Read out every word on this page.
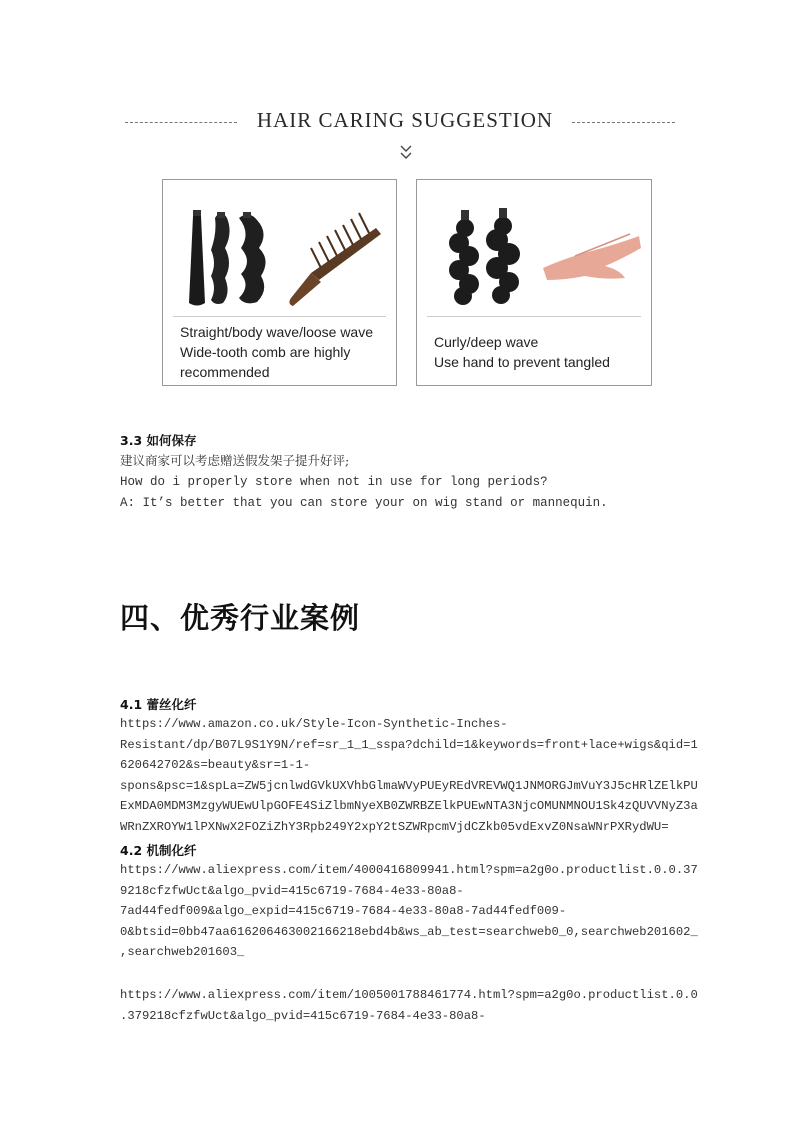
HAIR CARING SUGGESTION
Straight/body wave/loose wave
Wide-tooth comb are highly
recommended
Curly/deep wave
Use hand to prevent tangled
3.3 如何保存
建议商家可以考虑赠送假发架子提升好评;
How do i properly store when not in use for long periods?
A: It’s better that you can store your on wig stand or mannequin.
四、优秀行业案例
4.1 蕾丝化纤
https://www.amazon.co.uk/Style-Icon-Synthetic-Inches-
Resistant/dp/B07L9S1Y9N/ref=sr_1_1_sspa?dchild=1&keywords=front+lace+wigs&qid=1
620642702&s=beauty&sr=1-1-
spons&psc=1&spLa=ZW5jcnlwdGVkUXVhbGlmaWVyPUEyREdVREVWQ1JNMORGJmVuY3J5cHRlZElkPU
ExMDA0MDM3MzgyWUEwUlpGOFE4SiZlbmNyeXB0ZWRBZElkPUEwNTA3NjcOMUNMNOU1Sk4zQUVVNyZ3a
WRnZXROYW1lPXNwX2FOZiZhY3Rpb249Y2xpY2tSZWRpcmVjdCZkb05vdExvZ0NsaWNrPXRydWU=
4.2 机制化纤
https://www.aliexpress.com/item/4000416809941.html?spm=a2g0o.productlist.0.0.37
9218cfzfwUct&algo_pvid=415c6719-7684-4e33-80a8-
7ad44fedf009&algo_expid=415c6719-7684-4e33-80a8-7ad44fedf009-
0&btsid=0bb47aa616206463002166218ebd4b&ws_ab_test=searchweb0_0,searchweb201602_
,searchweb201603_
https://www.aliexpress.com/item/1005001788461774.html?spm=a2g0o.productlist.0.0
.379218cfzfwUct&algo_pvid=415c6719-7684-4e33-80a8-
